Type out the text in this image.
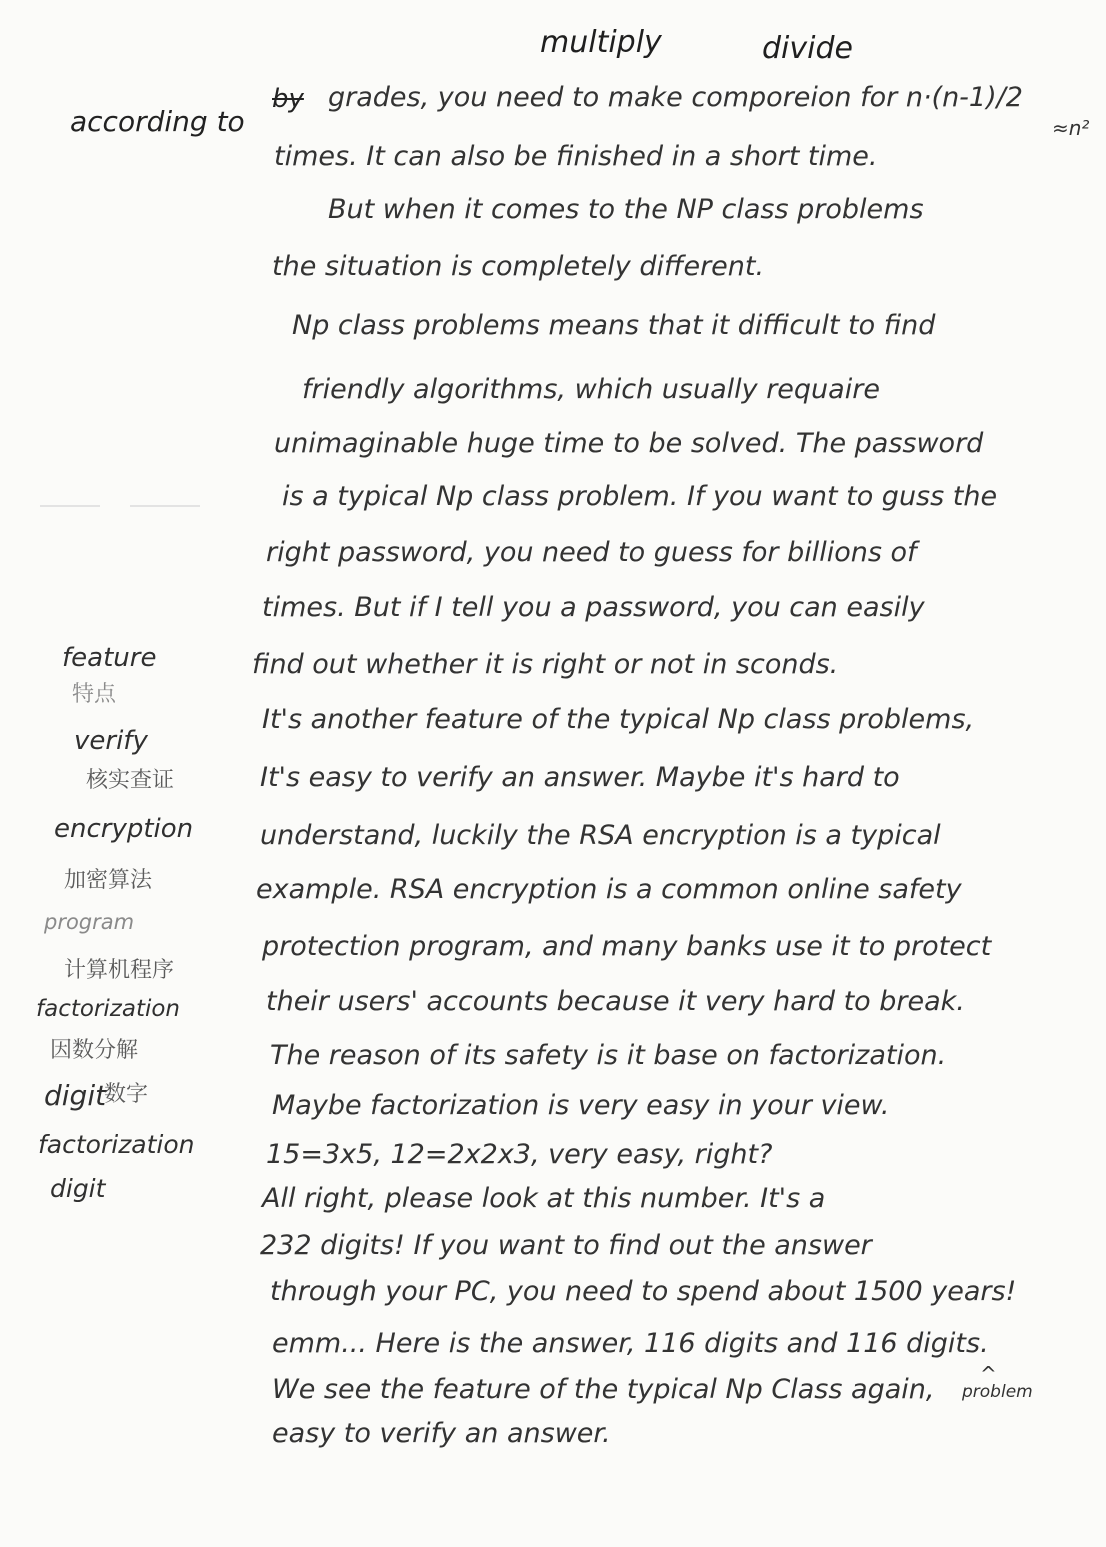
multiply	divide
according to
by
≈n²
grades, you need to make comporeion for n·(n-1)/2
times. It can also be finished in a short time.
But when it comes to the NP class problems
the situation is completely different.
Np class problems means that it difficult to find
friendly algorithms, which usually requaire
unimaginable huge time to be solved. The password
is a typical Np class problem. If you want to guss the
right password, you need to guess for billions of
times. But if I tell you a password, you can easily
find out whether it is right or not in sconds.
It's another feature of the typical Np class problems,
It's easy to verify an answer. Maybe it's hard to
understand, luckily the RSA encryption is a typical
example. RSA encryption is a common online safety
protection program, and many banks use it to protect
their users' accounts because it very hard to break.
The reason of its safety is it base on factorization.
Maybe factorization is very easy in your view.
15=3x5, 12=2x2x3, very easy, right?
All right, please look at this number. It's a
232 digits! If you want to find out the answer
through your PC, you need to spend about 1500 years!
emm... Here is the answer, 116 digits and 116 digits.
We see the feature of the typical Np Class again,
easy to verify an answer.
^
problem
feature
特点
verify
核实查证
encryption
加密算法
program
计算机程序
factorization
因数分解
digit
数字
factorization
digit
